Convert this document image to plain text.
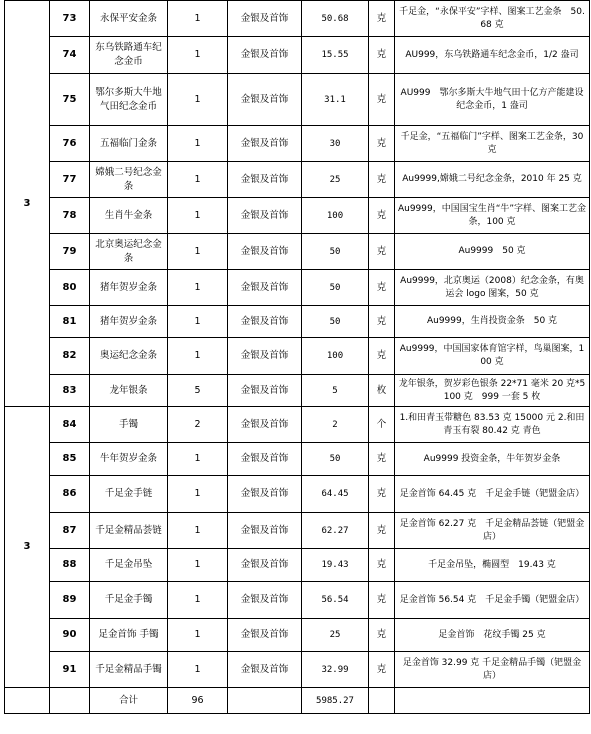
3	73	永保平安金条	1	金银及首饰	50.68	克	千足金，“永保平安”字样、图案工艺金条　50.68 克
	74	东乌铁路通车纪念金币	1	金银及首饰	15.55	克	AU999，东乌铁路通车纪念金币，1/2 盎司
	75	鄂尔多斯大牛地气田纪念金币	1	金银及首饰	31.1	克	AU999　鄂尔多斯大牛地气田十亿方产能建设纪念金币，1 盎司
	76	五福临门金条	1	金银及首饰	30	克	千足金，“五福临门”字样、图案工艺金条，30 克
	77	嫦娥二号纪念金条	1	金银及首饰	25	克	Au9999,嫦娥二号纪念金条，2010 年 25 克
	78	生肖牛金条	1	金银及首饰	100	克	Au9999，中国国宝生肖“牛”字样、图案工艺金条，100 克
	79	北京奥运纪念金条	1	金银及首饰	50	克	Au9999　50 克
	80	猪年贺岁金条	1	金银及首饰	50	克	Au9999，北京奥运（2008）纪念金条，有奥运会 logo 图案，50 克
	81	猪年贺岁金条	1	金银及首饰	50	克	Au9999，生肖投资金条　50 克
	82	奥运纪念金条	1	金银及首饰	100	克	Au9999，中国国家体育馆字样，鸟巢图案，100 克
	83	龙年银条	5	金银及首饰	5	枚	龙年银条，贺岁彩色银条 22*71 毫米 20 克*5 100 克　999 一套 5 枚
3	84	手镯	2	金银及首饰	2	个	1.和田青玉带糖色 83.53 克 15000 元 2.和田青玉有裂 80.42 克 青色
	85	牛年贺岁金条	1	金银及首饰	50	克	Au9999 投资金条，牛年贺岁金条
	86	千足金手链	1	金银及首饰	64.45	克	足金首饰 64.45 克　千足金手链（钯盟金店）
	87	千足金精品荟链	1	金银及首饰	62.27	克	足金首饰 62.27 克　千足金精品荟链（钯盟金店）
	88	千足金吊坠	1	金银及首饰	19.43	克	千足金吊坠，椭圆型　19.43 克
	89	千足金手镯	1	金银及首饰	56.54	克	足金首饰 56.54 克　千足金手镯（钯盟金店）
	90	足金首饰 手镯	1	金银及首饰	25	克	足金首饰　花纹手镯 25 克
	91	千足金精品手镯	1	金银及首饰	32.99	克	足金首饰 32.99 克 千足金精品手镯（钯盟金店）
		合计	96		5985.27		
